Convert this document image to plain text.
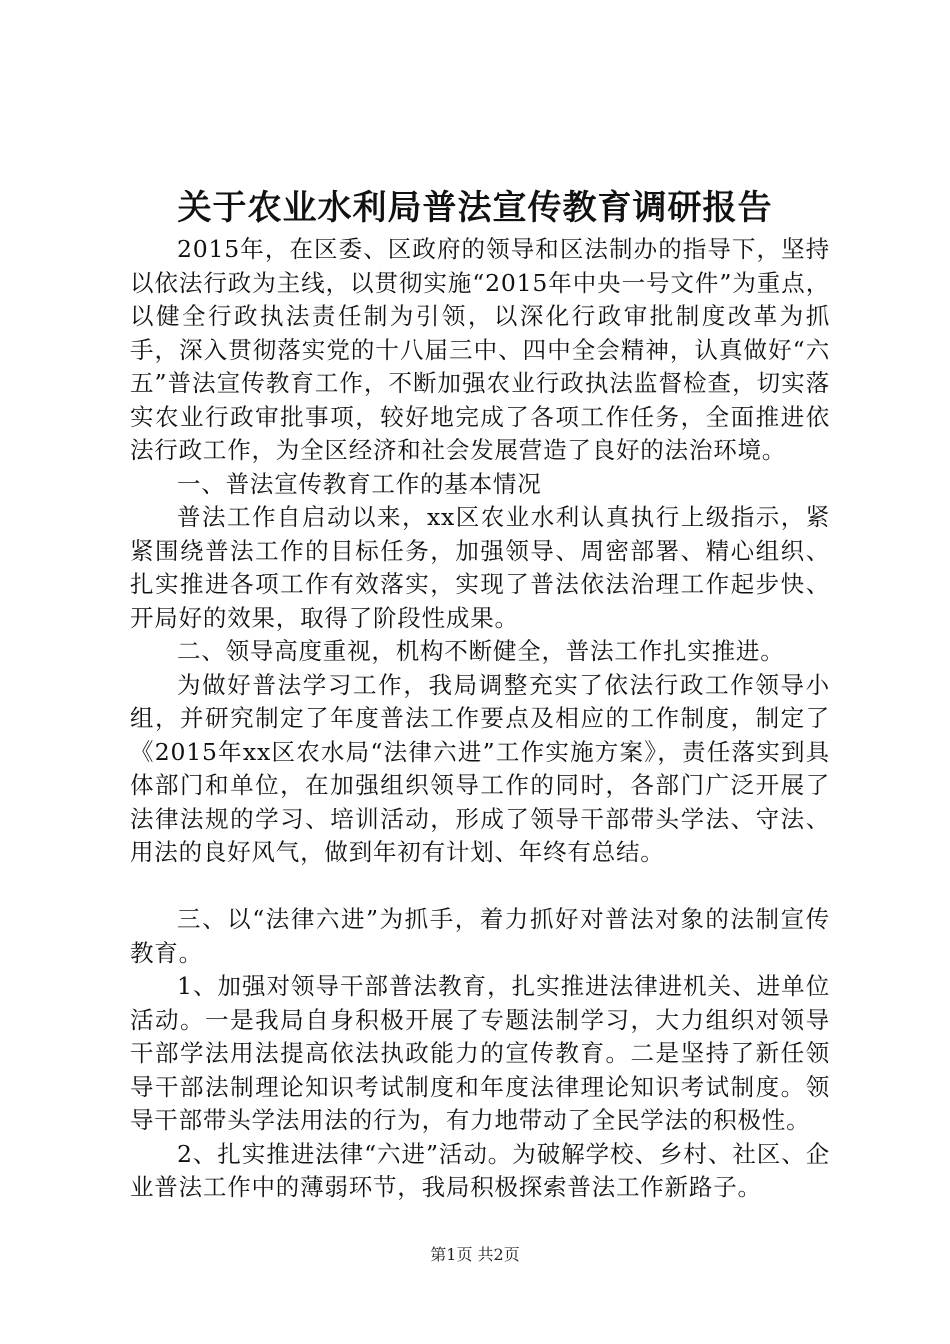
关于农业水利局普法宣传教育调研报告

2015年，在区委、区政府的领导和区法制办的指导下，坚持以依法行政为主线，以贯彻实施“2015年中央一号文件”为重点，以健全行政执法责任制为引领，以深化行政审批制度改革为抓手，深入贯彻落实党的十八届三中、四中全会精神，认真做好“六五”普法宣传教育工作，不断加强农业行政执法监督检查，切实落实农业行政审批事项，较好地完成了各项工作任务，全面推进依法行政工作，为全区经济和社会发展营造了良好的法治环境。

一、普法宣传教育工作的基本情况

普法工作自启动以来，xx区农业水利认真执行上级指示，紧紧围绕普法工作的目标任务，加强领导、周密部署、精心组织、扎实推进各项工作有效落实，实现了普法依法治理工作起步快、开局好的效果，取得了阶段性成果。

二、领导高度重视，机构不断健全，普法工作扎实推进。

为做好普法学习工作，我局调整充实了依法行政工作领导小组，并研究制定了年度普法工作要点及相应的工作制度，制定了《2015年xx区农水局“法律六进”工作实施方案》，责任落实到具体部门和单位，在加强组织领导工作的同时，各部门广泛开展了法律法规的学习、培训活动，形成了领导干部带头学法、守法、用法的良好风气，做到年初有计划、年终有总结。

三、以“法律六进”为抓手，着力抓好对普法对象的法制宣传教育。

1、加强对领导干部普法教育，扎实推进法律进机关、进单位活动。一是我局自身积极开展了专题法制学习，大力组织对领导干部学法用法提高依法执政能力的宣传教育。二是坚持了新任领导干部法制理论知识考试制度和年度法律理论知识考试制度。领导干部带头学法用法的行为，有力地带动了全民学法的积极性。

2、扎实推进法律“六进”活动。为破解学校、乡村、社区、企业普法工作中的薄弱环节，我局积极探索普法工作新路子。

第1页 共2页
